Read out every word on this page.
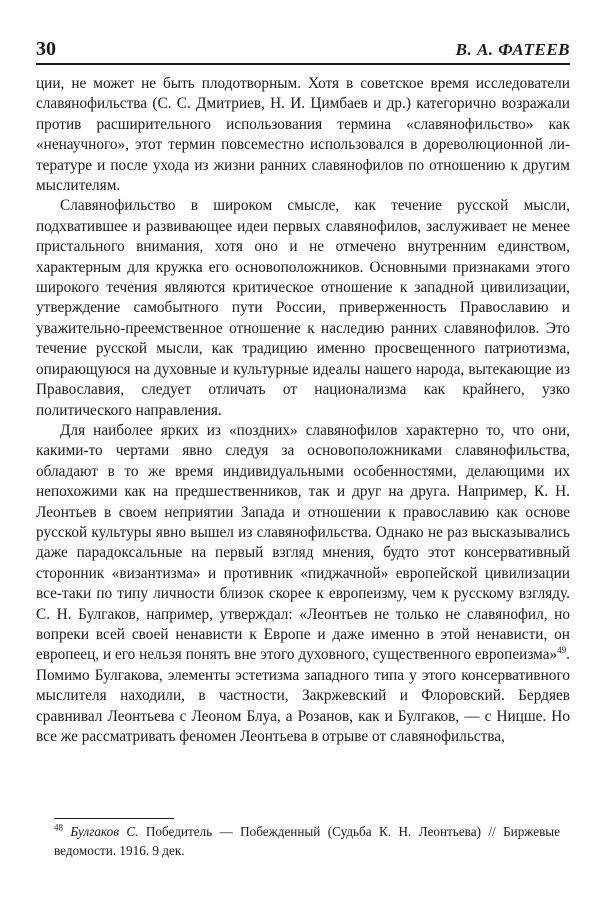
30	В. А. ФАТЕЕВ

ции, не может не быть плодотворным. Хотя в советское время исследователи славянофильства (С. С. Дмитриев, Н. И. Цимбаев и др.) категорично возражали против расширительного использования термина «славянофильство» как «ненаучного», этот термин повсеместно использовался в дореволюционной литературе и после ухода из жизни ранних славянофилов по отношению к другим мыслителям.

Славянофильство в широком смысле, как течение русской мысли, подхватившее и развивающее идеи первых славянофилов, заслуживает не менее пристального внимания, хотя оно и не отмечено внутренним единством, характерным для кружка его основоположников. Основными признаками этого широкого течения являются критическое отношение к западной цивилизации, утверждение самобытного пути России, приверженность Православию и уважительно-преемственное отношение к наследию ранних славянофилов. Это течение русской мысли, как традицию именно просвещенного патриотизма, опирающуюся на духовные и культурные идеалы нашего народа, вытекающие из Православия, следует отличать от национализма как крайнего, узко политического направления.

Для наиболее ярких из «поздних» славянофилов характерно то, что они, какими-то чертами явно следуя за основоположниками славянофильства, обладают в то же время индивидуальными особенностями, делающими их непохожими как на предшественников, так и друг на друга. Например, К. Н. Леонтьев в своем неприятии Запада и отношении к православию как основе русской культуры явно вышел из славянофильства. Однако не раз высказывались даже парадоксальные на первый взгляд мнения, будто этот консервативный сторонник «византизма» и противник «пиджачной» европейской цивилизации все-таки по типу личности близок скорее к европеизму, чем к русскому взгляду. С. Н. Булгаков, например, утверждал: «Леонтьев не только не славянофил, но вопреки всей своей ненависти к Европе и даже именно в этой ненависти, он европеец, и его нельзя понять вне этого духовного, существенного европеизма»$^{49}$. Помимо Булгакова, элементы эстетизма западного типа у этого консервативного мыслителя находили, в частности, Закржевский и Флоровский. Бердяев сравнивал Леонтьева с Леоном Блуа, а Розанов, как и Булгаков, — с Ницше. Но все же рассматривать феномен Леонтьева в отрыве от славянофильства,

$^{48}$ Булгаков С. Победитель — Побежденный (Судьба К. Н. Леонтьева) // Биржевые ведомости. 1916. 9 дек.
